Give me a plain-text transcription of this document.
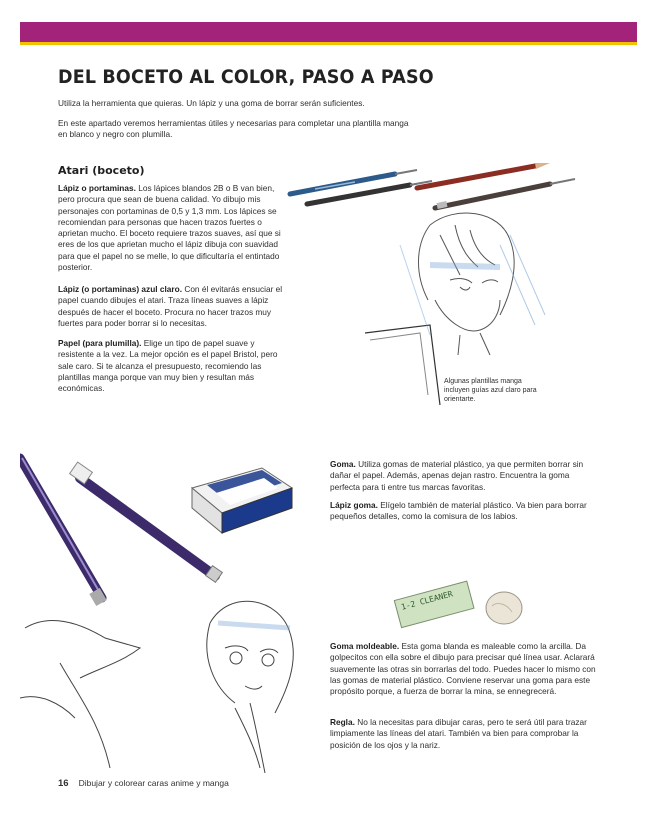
DEL BOCETO AL COLOR, PASO A PASO
Utiliza la herramienta que quieras. Un lápiz y una goma de borrar serán suficientes.
En este apartado veremos herramientas útiles y necesarias para completar una plantilla manga en blanco y negro con plumilla.
Atari (boceto)
Lápiz o portaminas. Los lápices blandos 2B o B van bien, pero procura que sean de buena calidad. Yo dibujo mis personajes con portaminas de 0,5 y 1,3 mm. Los lápices se recomiendan para personas que hacen trazos fuertes o aprietan mucho. El boceto requiere trazos suaves, así que si eres de los que aprietan mucho el lápiz dibuja con suavidad para que el papel no se melle, lo que dificultaría el entintado posterior.
Lápiz (o portaminas) azul claro. Con él evitarás ensuciar el papel cuando dibujes el atari. Traza líneas suaves a lápiz después de hacer el boceto. Procura no hacer trazos muy fuertes para poder borrar si lo necesitas.
Papel (para plumilla). Elige un tipo de papel suave y resistente a la vez. La mejor opción es el papel Bristol, pero sale caro. Si te alcanza el presupuesto, recomiendo las plantillas manga porque van muy bien y resultan más económicas.
Algunas plantillas manga incluyen guías azul claro para orientarte.
1-2 CLEANER
Goma. Utiliza gomas de material plástico, ya que permiten borrar sin dañar el papel. Además, apenas dejan rastro. Encuentra la goma perfecta para ti entre tus marcas favoritas.
Lápiz goma. Elígelo también de material plástico. Va bien para borrar pequeños detalles, como la comisura de los labios.
Goma moldeable. Esta goma blanda es maleable como la arcilla. Da golpecitos con ella sobre el dibujo para precisar qué línea usar. Aclarará suavemente las otras sin borrarlas del todo. Puedes hacer lo mismo con las gomas de material plástico. Conviene reservar una goma para este propósito porque, a fuerza de borrar la mina, se ennegrecerá.
Regla. No la necesitas para dibujar caras, pero te será útil para trazar limpiamente las líneas del atari. También va bien para comprobar la posición de los ojos y la nariz.
16 Dibujar y colorear caras anime y manga
